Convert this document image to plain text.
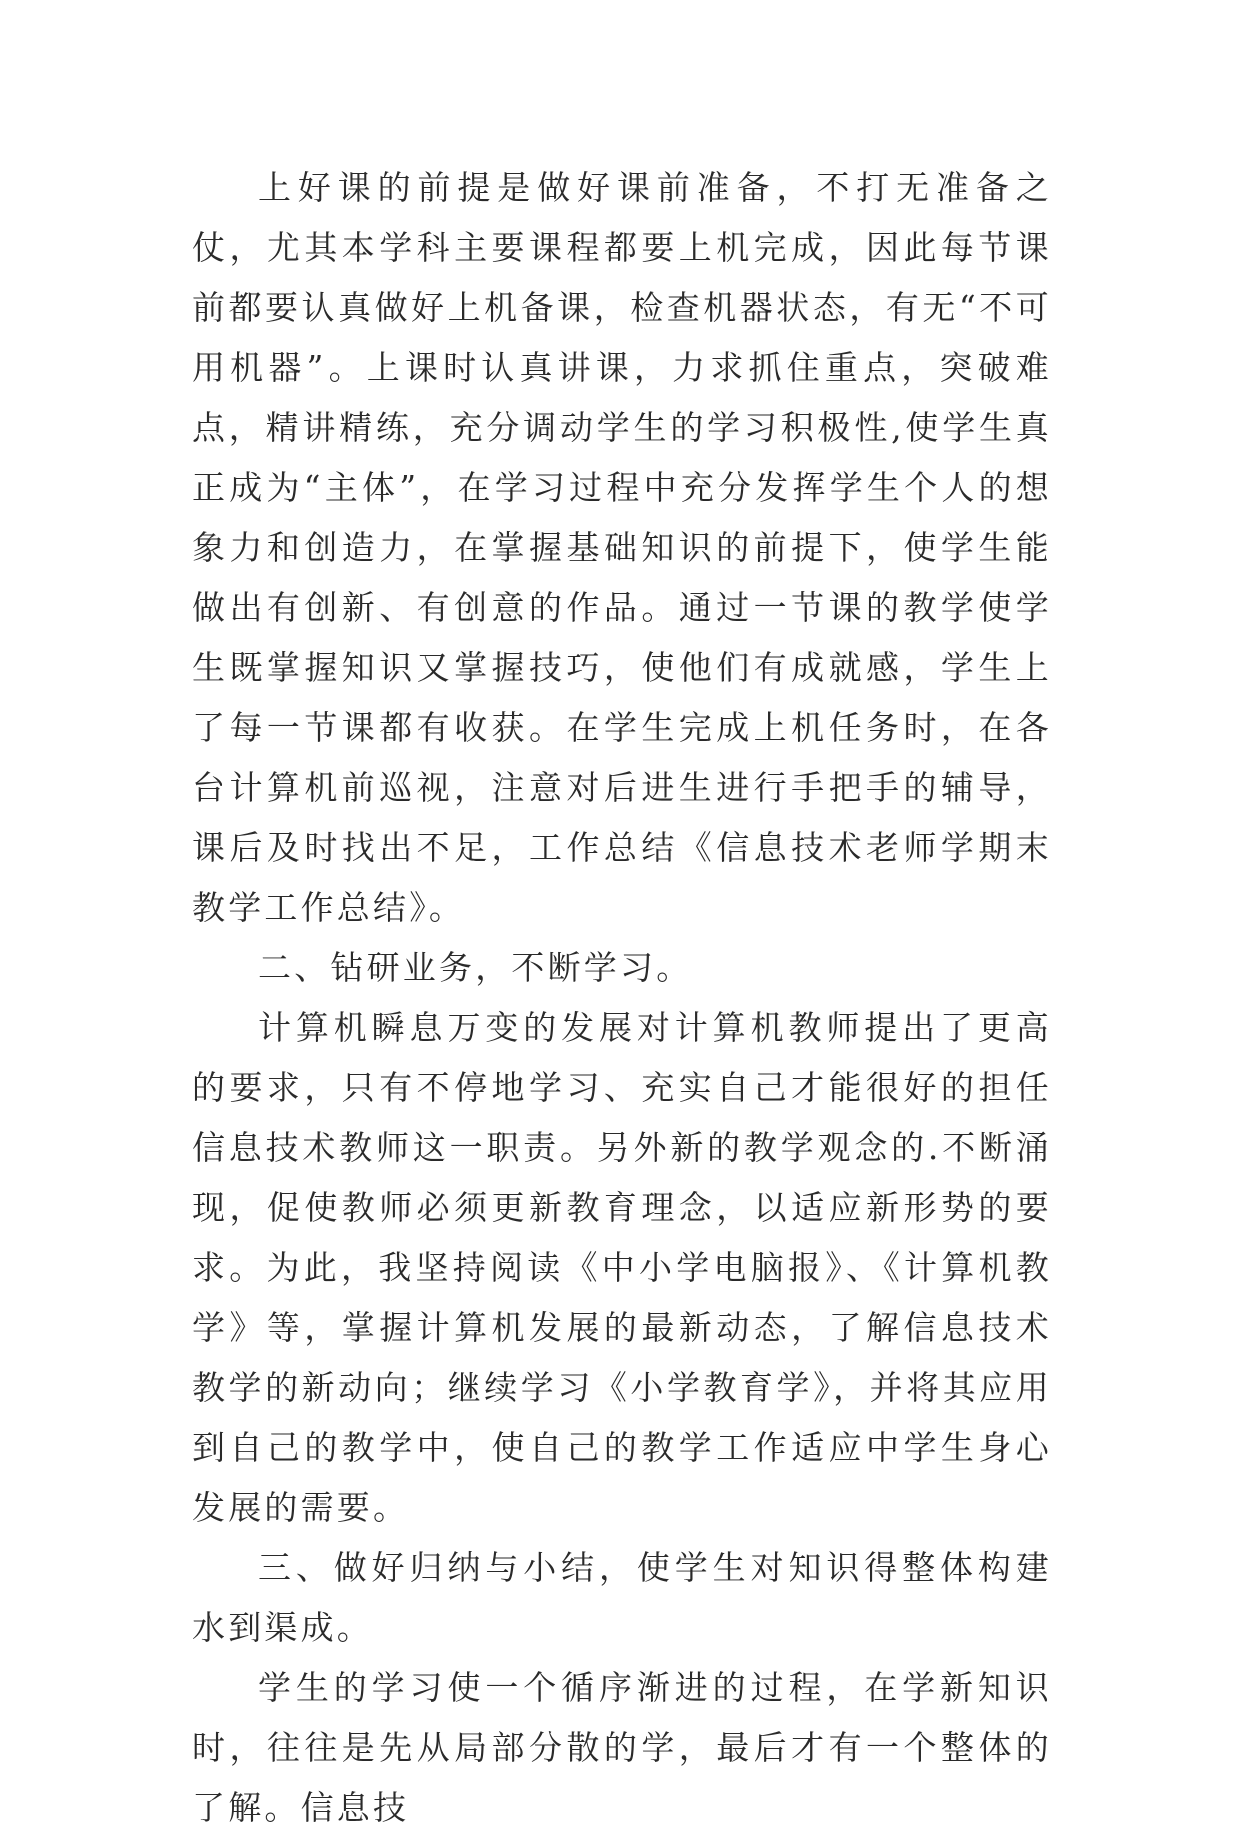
上好课的前提是做好课前准备，不打无准备之仗，尤其本学科主要课程都要上机完成，因此每节课前都要认真做好上机备课，检查机器状态，有无“不可用机器”。上课时认真讲课，力求抓住重点，突破难点，精讲精练，充分调动学生的学习积极性,使学生真正成为“主体”，在学习过程中充分发挥学生个人的想象力和创造力，在掌握基础知识的前提下，使学生能做出有创新、有创意的作品。通过一节课的教学使学生既掌握知识又掌握技巧，使他们有成就感，学生上了每一节课都有收获。在学生完成上机任务时，在各台计算机前巡视，注意对后进生进行手把手的辅导，课后及时找出不足，工作总结《信息技术老师学期末教学工作总结》。

二、钻研业务，不断学习。

计算机瞬息万变的发展对计算机教师提出了更高的要求，只有不停地学习、充实自己才能很好的担任信息技术教师这一职责。另外新的教学观念的.不断涌现，促使教师必须更新教育理念，以适应新形势的要求。为此，我坚持阅读《中小学电脑报》、《计算机教学》等，掌握计算机发展的最新动态，了解信息技术教学的新动向；继续学习《小学教育学》，并将其应用到自己的教学中，使自己的教学工作适应中学生身心发展的需要。

三、做好归纳与小结，使学生对知识得整体构建水到渠成。

学生的学习使一个循序渐进的过程，在学新知识时，往往是先从局部分散的学，最后才有一个整体的了解。信息技
